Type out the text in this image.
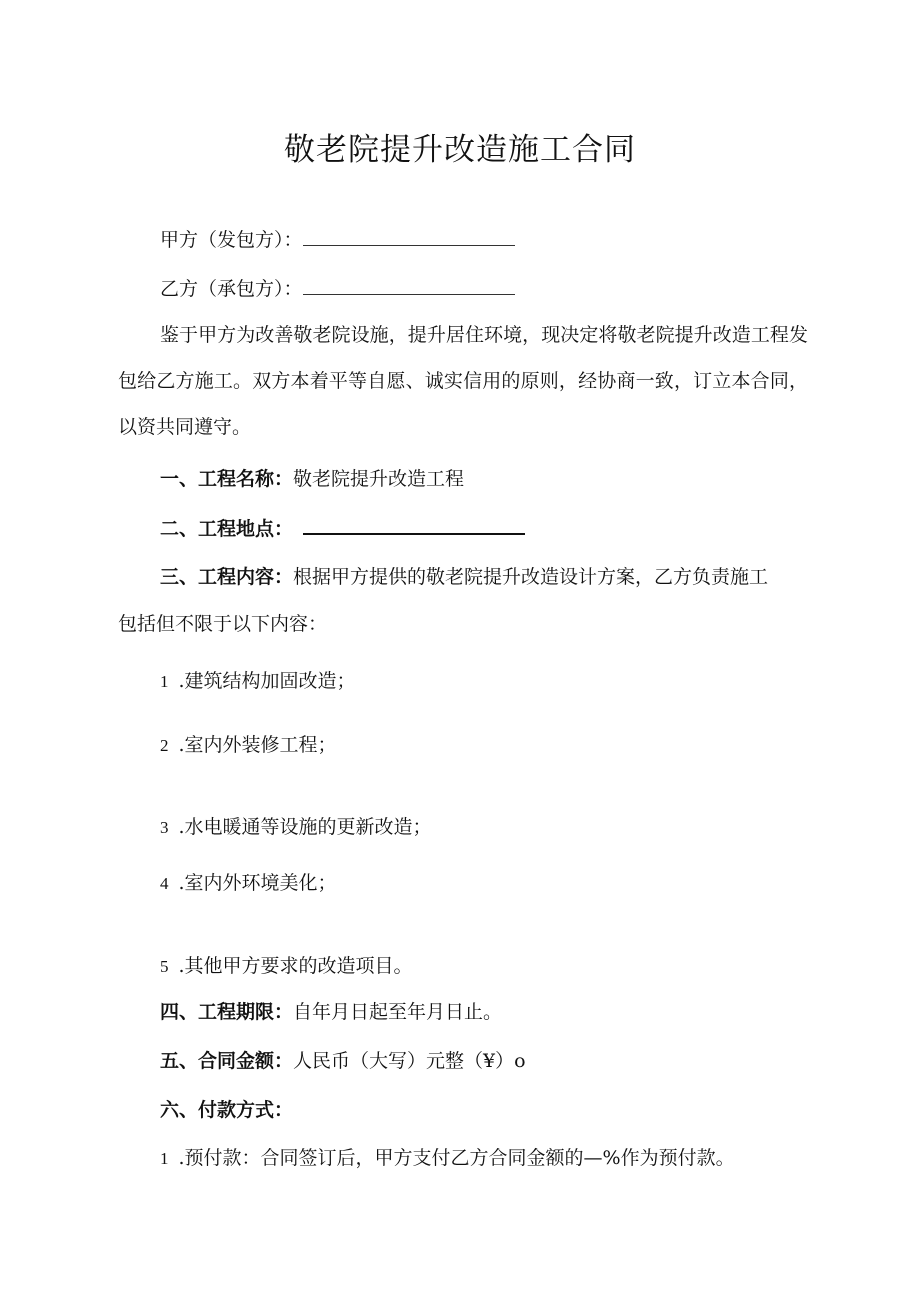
敬老院提升改造施工合同
甲方（发包方）：
乙方（承包方）：
鉴于甲方为改善敬老院设施，提升居住环境，现决定将敬老院提升改造工程发包给乙方施工。双方本着平等自愿、诚实信用的原则，经协商一致，订立本合同，以资共同遵守。
一、工程名称：敬老院提升改造工程
二、工程地点：
三、工程内容：根据甲方提供的敬老院提升改造设计方案，乙方负责施工
包括但不限于以下内容：
1 .建筑结构加固改造；
2 .室内外装修工程；
3 .水电暖通等设施的更新改造；
4 .室内外环境美化；
5 .其他甲方要求的改造项目。
四、工程期限：自年月日起至年月日止。
五、合同金额：人民币（大写）元整（¥）o
六、付款方式：
1 .预付款：合同签订后，甲方支付乙方合同金额的—%作为预付款。
